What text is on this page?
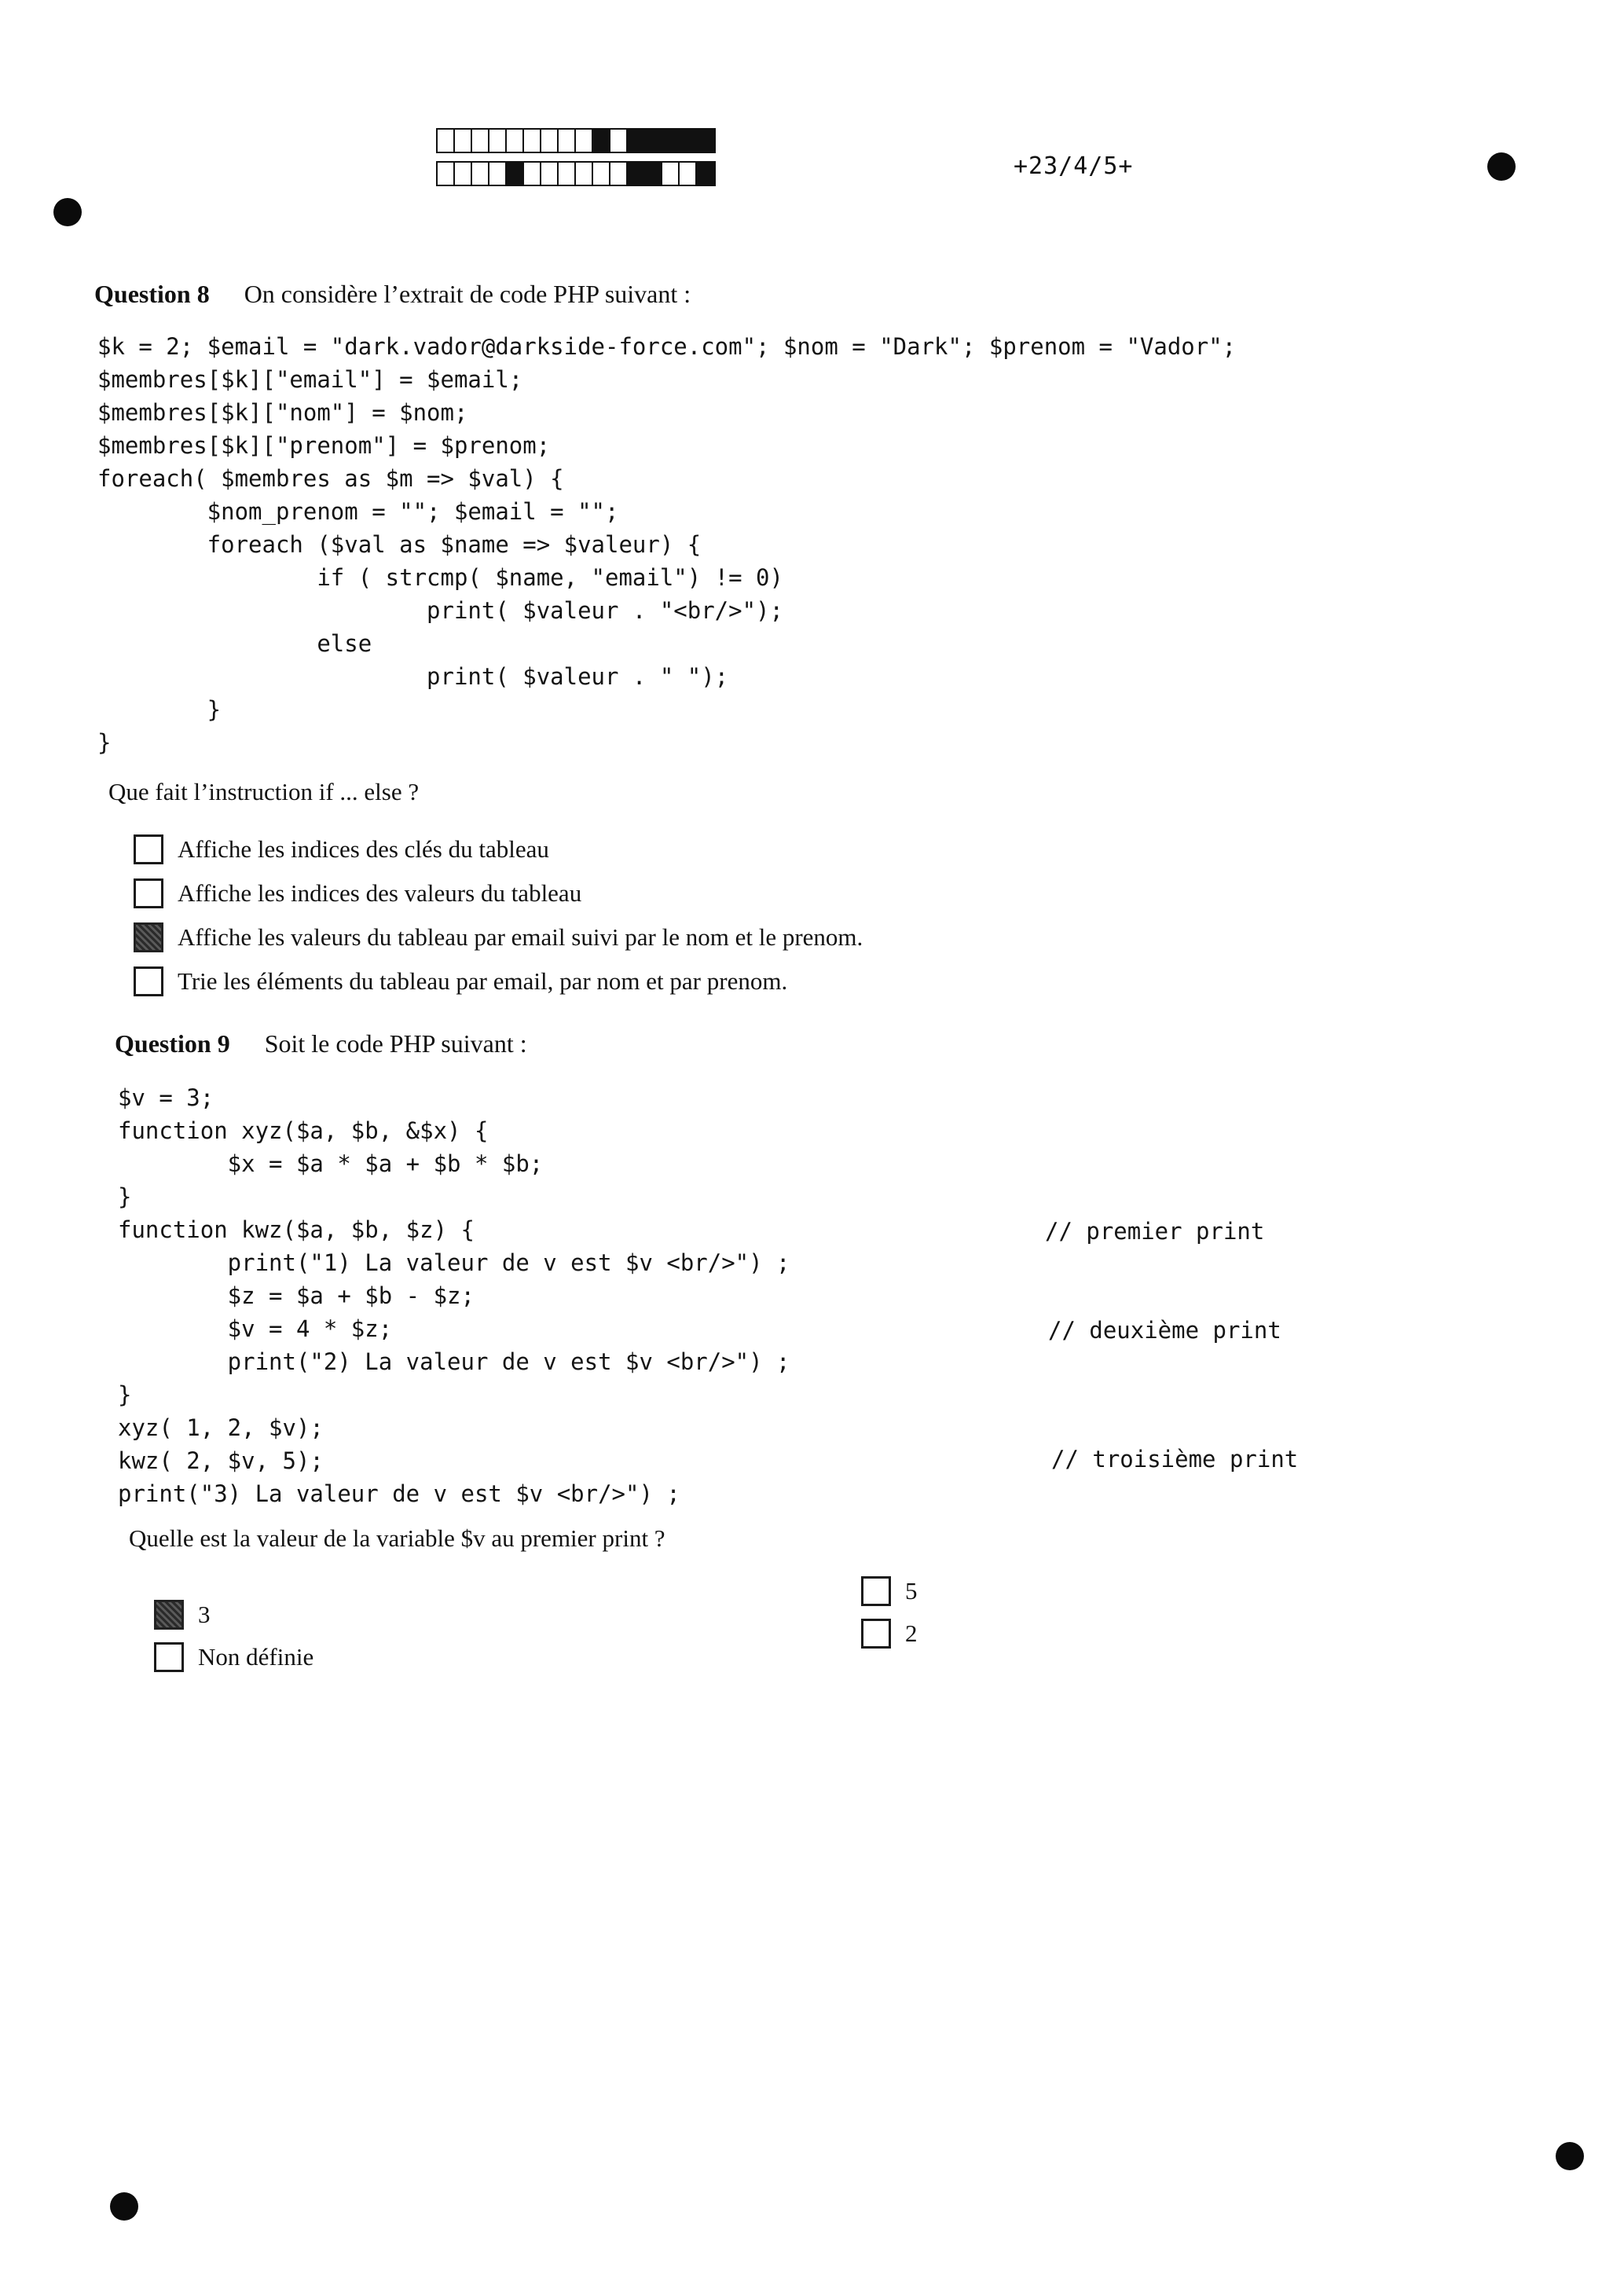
+23/4/5+
Question 8 On considère l’extrait de code PHP suivant :
$k = 2; $email = "dark.vador@darkside-force.com"; $nom = "Dark"; $prenom = "Vador";
$membres[$k]["email"] = $email;
$membres[$k]["nom"] = $nom;
$membres[$k]["prenom"] = $prenom;
foreach( $membres as $m => $val) {
$nom_prenom = ""; $email = "";
foreach ($val as $name => $valeur) {
if ( strcmp( $name, "email") != 0)
print( $valeur . "<br/>");
else
print( $valeur . " ");
}
}
Que fait l’instruction if ... else ?
Affiche les indices des clés du tableau
Affiche les indices des valeurs du tableau
Affiche les valeurs du tableau par email suivi par le nom et le prenom.
Trie les éléments du tableau par email, par nom et par prenom.
Question 9 Soit le code PHP suivant :
$v = 3;
function xyz($a, $b, &$x) {
$x = $a * $a + $b * $b;
}
function kwz($a, $b, $z) {
print("1) La valeur de v est $v <br/>") ;
$z = $a + $b - $z;
$v = 4 * $z;
print("2) La valeur de v est $v <br/>") ;
}
xyz( 1, 2, $v);
kwz( 2, $v, 5);
print("3) La valeur de v est $v <br/>") ;
// premier print
// deuxième print
// troisième print
Quelle est la valeur de la variable $v au premier print ?
3
Non définie
5
2
